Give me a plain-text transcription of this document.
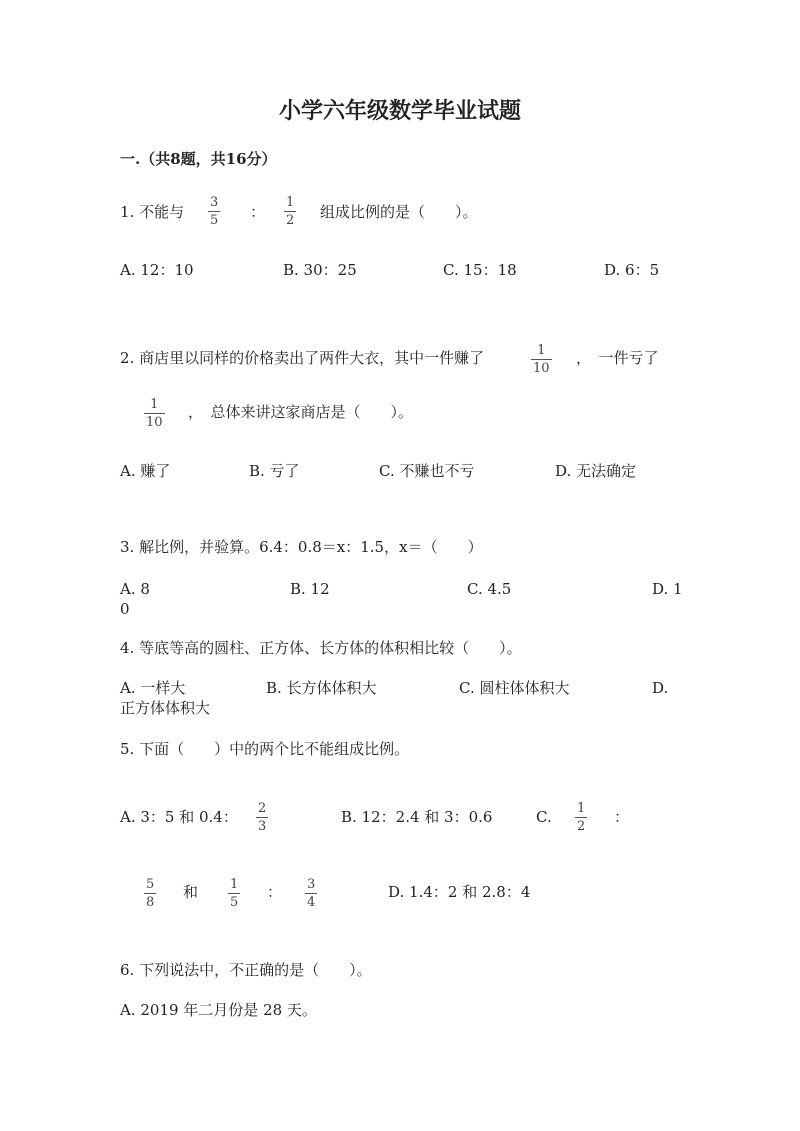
小学六年级数学毕业试题
一.（共8题，共16分）
1. 不能与
3
5 ：
1
2 组成比例的是（　　）。
A. 12：10	B. 30：25	C. 15：18	D. 6：5
2. 商店里以同样的价格卖出了两件大衣，其中一件赚了	1
10
，　一件亏了
1
10
，　总体来讲这家商店是（　　）。
A. 赚了	B. 亏了	C. 不赚也不亏	D. 无法确定
3. 解比例，并验算。6.4：0.8＝x：1.5，x＝（　　）
A. 8	B. 12	C. 4.5	D. 1
0
4. 等底等高的圆柱、正方体、长方体的体积相比较（　　）。
A. 一样大	B. 长方体体积大	C. 圆柱体体积大	D.
正方体体积大
5. 下面（　　）中的两个比不能组成比例。
A. 3：5 和 0.4： 2
3
B. 12：2.4 和 3：0.6	C. 1
2
：
5
8
和 1
5
： 3
4
D. 1.4：2 和 2.8：4
6. 下列说法中，不正确的是（　　）。
A. 2019 年二月份是 28 天。
